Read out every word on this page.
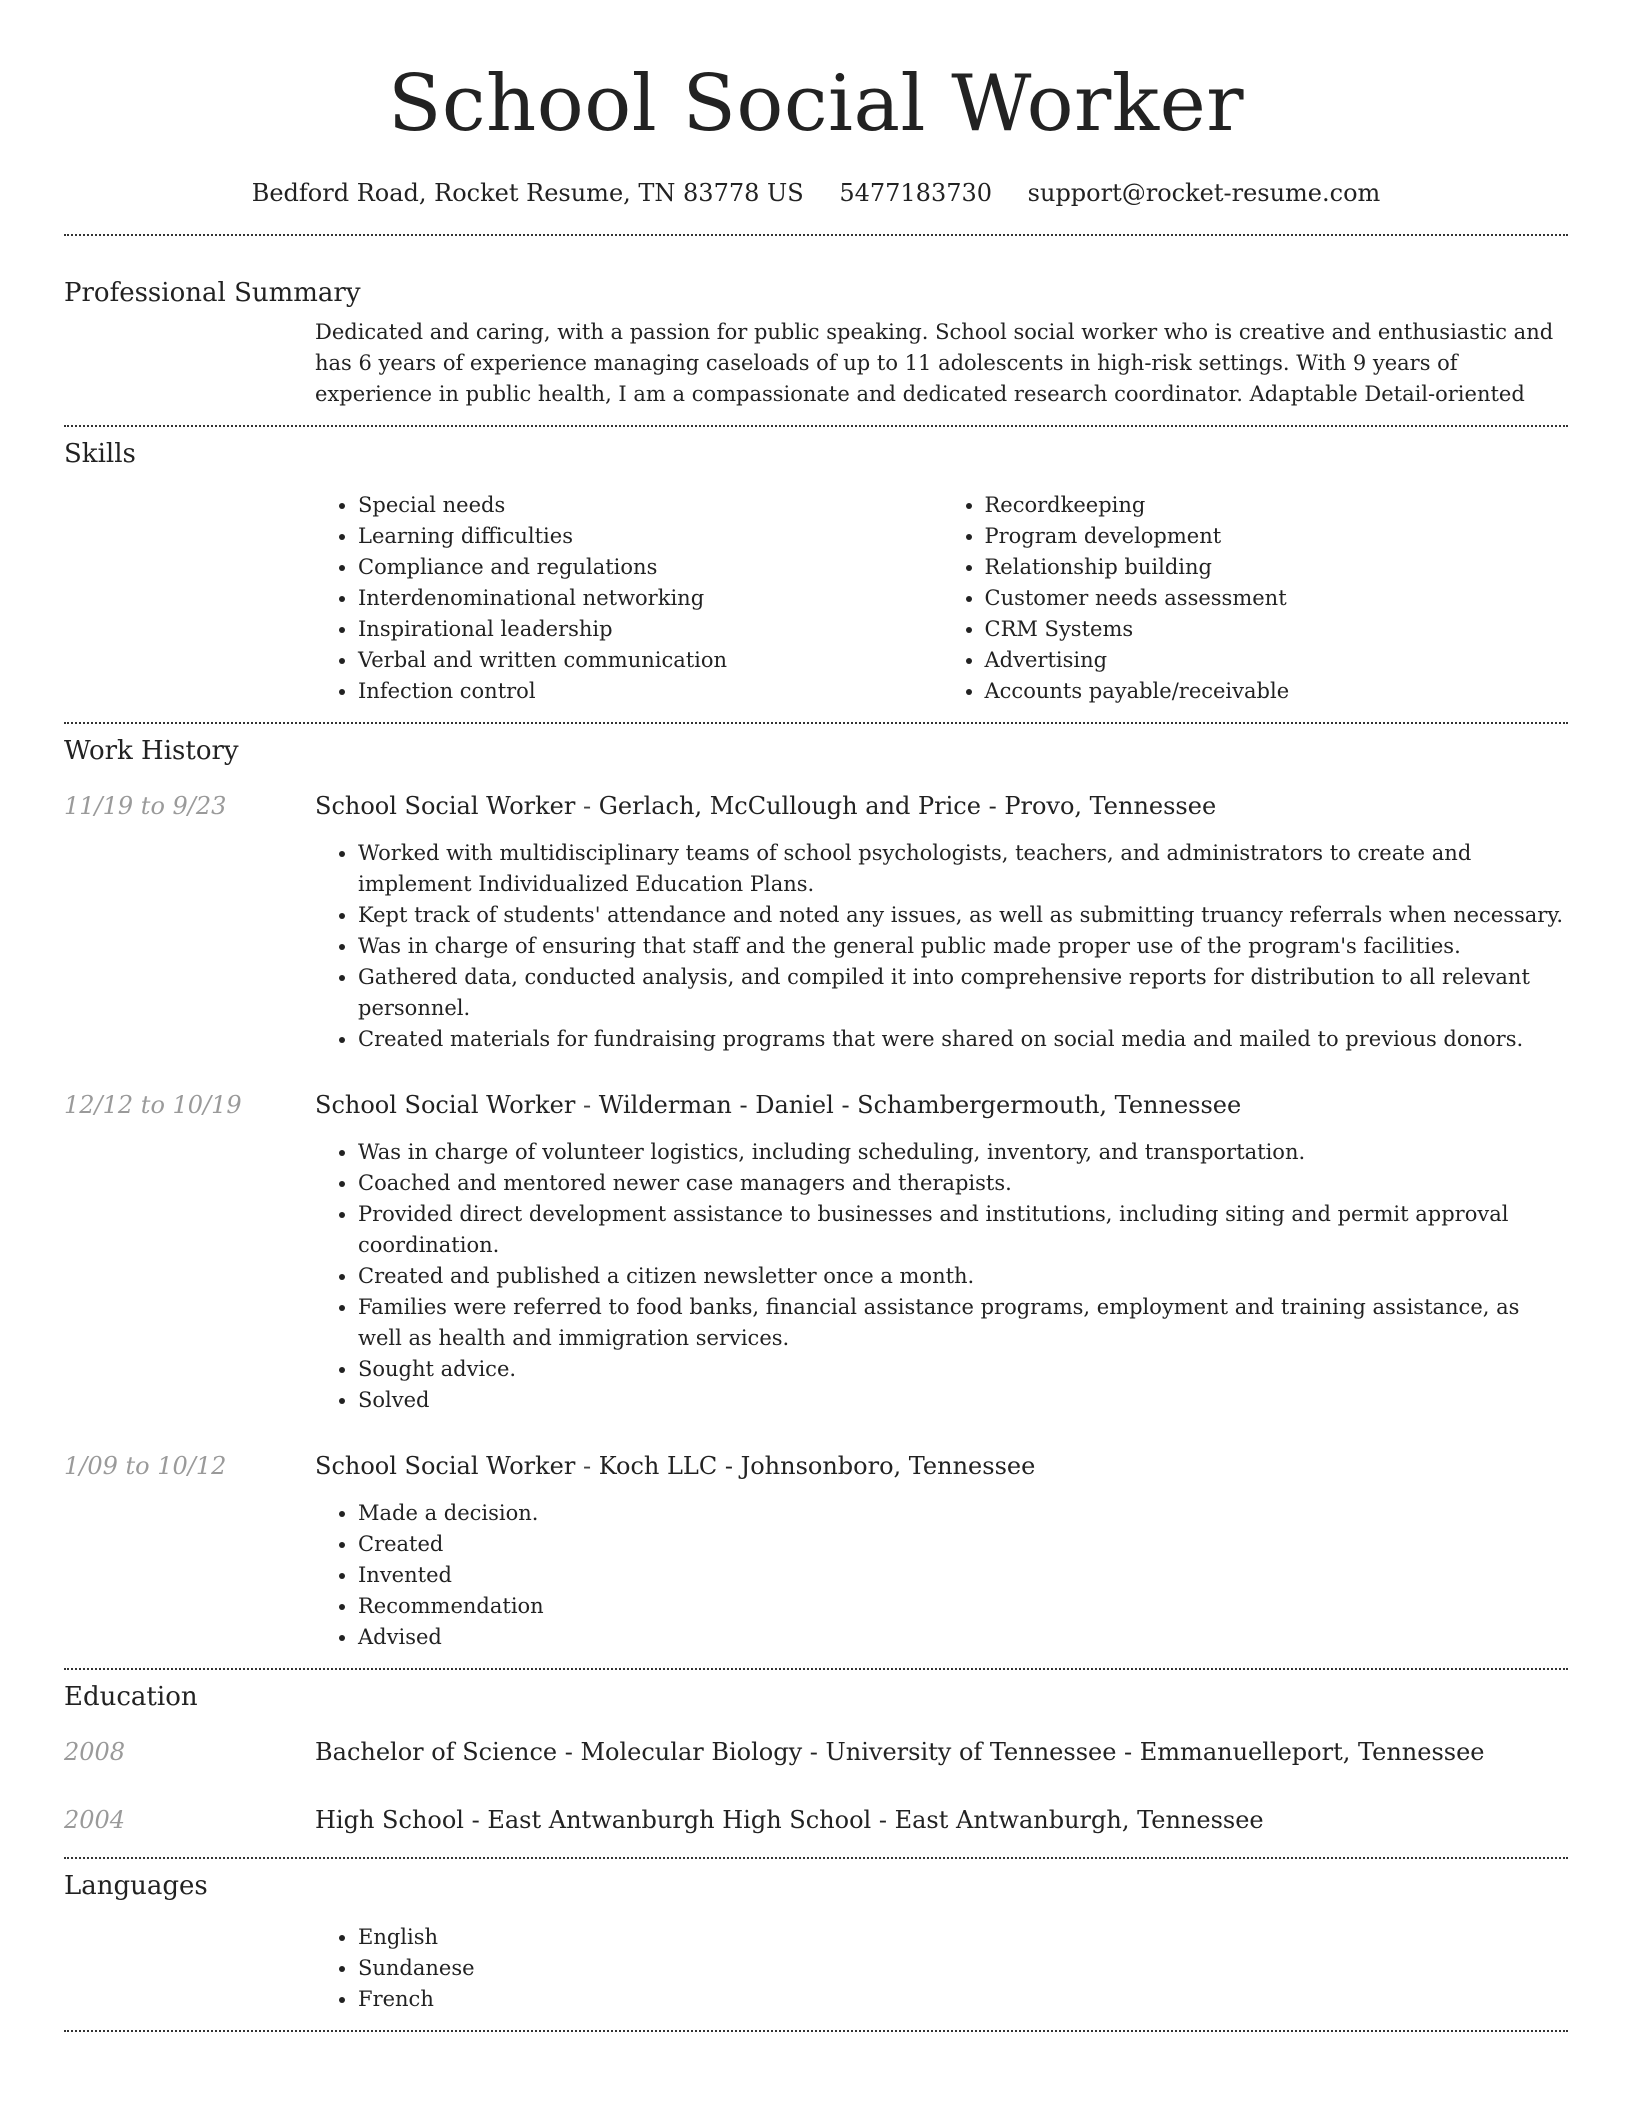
School Social Worker
Bedford Road, Rocket Resume, TN 83778 US 5477183730 support@rocket-resume.com
Professional Summary

Dedicated and caring, with a passion for public speaking. School social worker who is creative and enthusiastic and has 6 years of experience managing caseloads of up to 11 adolescents in high-risk settings. With 9 years of experience in public health, I am a compassionate and dedicated research coordinator. Adaptable Detail-oriented

Skills
• Special needs
• Learning difficulties
• Compliance and regulations
• Interdenominational networking
• Inspirational leadership
• Verbal and written communication
• Infection control
• Recordkeeping
• Program development
• Relationship building
• Customer needs assessment
• CRM Systems
• Advertising
• Accounts payable/receivable
Work History
11/19 to 9/23	School Social Worker - Gerlach, McCullough and Price - Provo, Tennessee

• Worked with multidisciplinary teams of school psychologists, teachers, and administrators to create and implement Individualized Education Plans.
• Kept track of students' attendance and noted any issues, as well as submitting truancy referrals when necessary.
• Was in charge of ensuring that staff and the general public made proper use of the program's facilities.
• Gathered data, conducted analysis, and compiled it into comprehensive reports for distribution to all relevant personnel.
• Created materials for fundraising programs that were shared on social media and mailed to previous donors.
12/12 to 10/19	School Social Worker - Wilderman - Daniel - Schambergermouth, Tennessee

• Was in charge of volunteer logistics, including scheduling, inventory, and transportation.
• Coached and mentored newer case managers and therapists.
• Provided direct development assistance to businesses and institutions, including siting and permit approval coordination.
• Created and published a citizen newsletter once a month.
• Families were referred to food banks, financial assistance programs, employment and training assistance, as well as health and immigration services.
• Sought advice.
• Solved
1/09 to 10/12	School Social Worker - Koch LLC - Johnsonboro, Tennessee

• Made a decision.
• Created
• Invented
• Recommendation
• Advised
Education
2008	Bachelor of Science - Molecular Biology - University of Tennessee - Emmanuelleport, Tennessee

2004	High School - East Antwanburgh High School - East Antwanburgh, Tennessee

Languages
• English
• Sundanese
• French
